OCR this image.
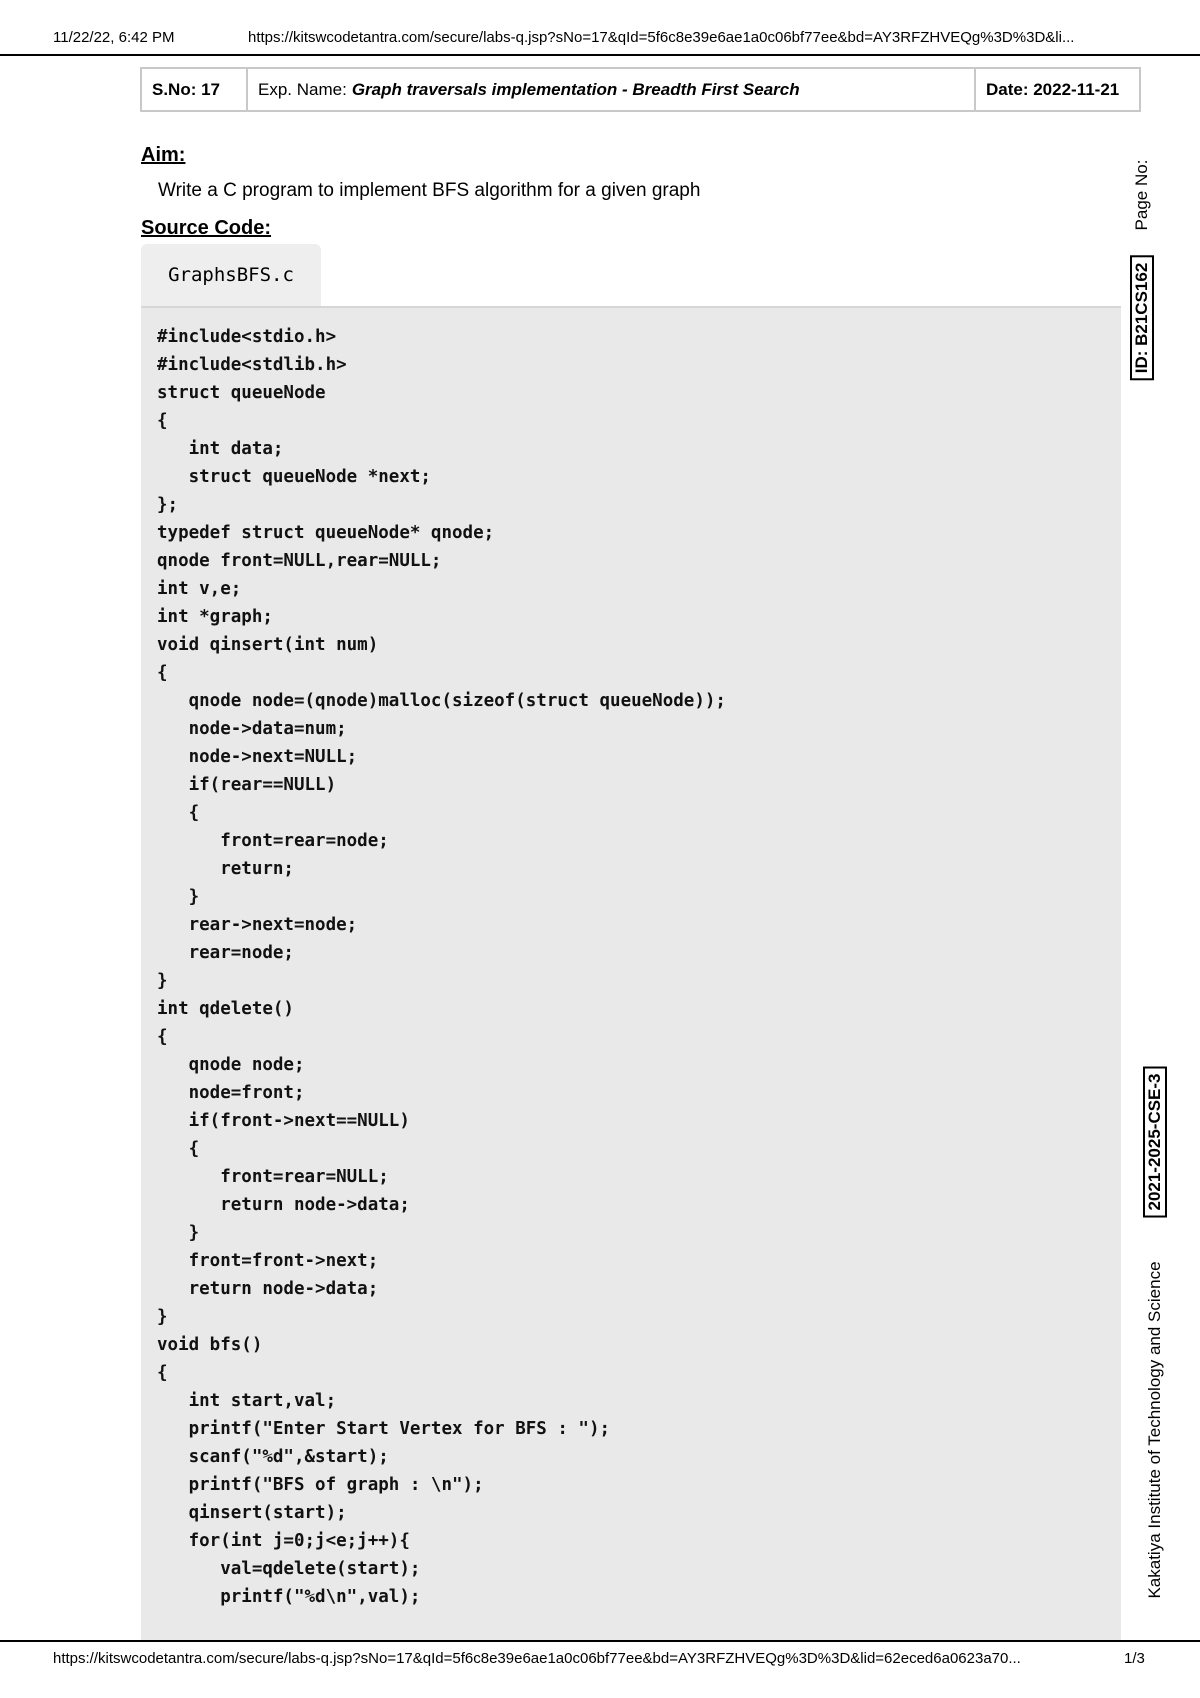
11/22/22, 6:42 PM	https://kitswcodetantra.com/secure/labs-q.jsp?sNo=17&qId=5f6c8e39e6ae1a0c06bf77ee&bd=AY3RFZHVEQg%3D%3D&li...
S.No: 17	Exp. Name: Graph traversals implementation - Breadth First Search	Date: 2022-11-21
Aim:
Write a C program to implement BFS algorithm for a given graph
Source Code:
GraphsBFS.c
#include<stdio.h>
#include<stdlib.h>
struct queueNode
{
int data;
struct queueNode *next;
};
typedef struct queueNode* qnode;
qnode front=NULL,rear=NULL;
int v,e;
int *graph;
void qinsert(int num)
{
qnode node=(qnode)malloc(sizeof(struct queueNode));
node->data=num;
node->next=NULL;
if(rear==NULL)
{
front=rear=node;
return;
}
rear->next=node;
rear=node;
}
int qdelete()
{
qnode node;
node=front;
if(front->next==NULL)
{
front=rear=NULL;
return node->data;
}
front=front->next;
return node->data;
}
void bfs()
{
int start,val;
printf("Enter Start Vertex for BFS : ");
scanf("%d",&start);
printf("BFS of graph : \n");
qinsert(start);
for(int j=0;j<e;j++){
val=qdelete(start);
printf("%d\n",val);
Page No:
ID: B21CS162
2021-2025-CSE-3
Kakatiya Institute of Technology and Science
https://kitswcodetantra.com/secure/labs-q.jsp?sNo=17&qId=5f6c8e39e6ae1a0c06bf77ee&bd=AY3RFZHVEQg%3D%3D&lid=62eced6a0623a70...	1/3
